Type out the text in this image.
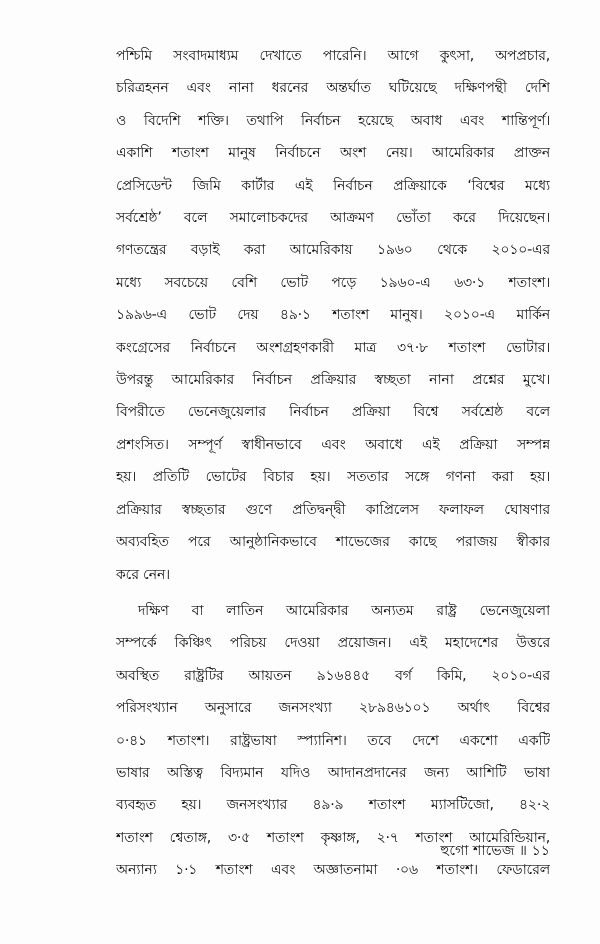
পশ্চিমি সংবাদমাধ্যম দেখাতে পারেনি। আগে কুৎসা, অপপ্রচার,
চরিত্রহনন এবং নানা ধরনের অন্তর্ঘাত ঘটিয়েছে দক্ষিণপন্থী দেশি
ও বিদেশি শক্তি। তথাপি নির্বাচন হয়েছে অবাধ এবং শান্তিপূর্ণ।
একাশি শতাংশ মানুষ নির্বাচনে অংশ নেয়। আমেরিকার প্রাক্তন
প্রেসিডেন্ট জিমি কার্টার এই নির্বাচন প্রক্রিয়াকে ‘বিশ্বের মধ্যে
সর্বশ্রেষ্ঠ’ বলে সমালোচকদের আক্রমণ ভোঁতা করে দিয়েছেন।
গণতন্ত্রের বড়াই করা আমেরিকায় ১৯৬০ থেকে ২০১০-এর
মধ্যে সবচেয়ে বেশি ভোট পড়ে ১৯৬০-এ ৬৩·১ শতাংশ।
১৯৯৬-এ ভোট দেয় ৪৯·১ শতাংশ মানুষ। ২০১০-এ মার্কিন
কংগ্রেসের নির্বাচনে অংশগ্রহণকারী মাত্র ৩৭·৮ শতাংশ ভোটার।
উপরন্তু আমেরিকার নির্বাচন প্রক্রিয়ার স্বচ্ছতা নানা প্রশ্নের মুখে।
বিপরীতে ভেনেজুয়েলার নির্বাচন প্রক্রিয়া বিশ্বে সর্বশ্রেষ্ঠ বলে
প্রশংসিত। সম্পূর্ণ স্বাধীনভাবে এবং অবাধে এই প্রক্রিয়া সম্পন্ন
হয়। প্রতিটি ভোটের বিচার হয়। সততার সঙ্গে গণনা করা হয়।
প্রক্রিয়ার স্বচ্ছতার গুণে প্রতিদ্বন্দ্বী কাপ্রিলেস ফলাফল ঘোষণার
অব্যবহিত পরে আনুষ্ঠানিকভাবে শাভেজের কাছে পরাজয় স্বীকার
করে নেন।
দক্ষিণ বা লাতিন আমেরিকার অন্যতম রাষ্ট্র ভেনেজুয়েলা
সম্পর্কে কিঞ্চিৎ পরিচয় দেওয়া প্রয়োজন। এই মহাদেশের উত্তরে
অবস্থিত রাষ্ট্রটির আয়তন ৯১৬৪৪৫ বর্গ কিমি, ২০১০-এর
পরিসংখ্যান অনুসারে জনসংখ্যা ২৮৯৪৬১০১ অর্থাৎ বিশ্বের
০·৪১ শতাংশ। রাষ্ট্রভাষা স্প্যানিশ। তবে দেশে একশো একটি
ভাষার অস্তিত্ব বিদ্যমান যদিও আদানপ্রদানের জন্য আশিটি ভাষা
ব্যবহৃত হয়। জনসংখ্যার ৪৯·৯ শতাংশ ম্যাসটিজো, ৪২·২
শতাংশ শ্বেতাঙ্গ, ৩·৫ শতাংশ কৃষ্ণাঙ্গ, ২·৭ শতাংশ আমেরিন্ডিয়ান,
অন্যান্য ১·১ শতাংশ এবং অজ্ঞাতনামা ·০৬ শতাংশ। ফেডারেল
হুগো শাভেজ ॥ ১১
